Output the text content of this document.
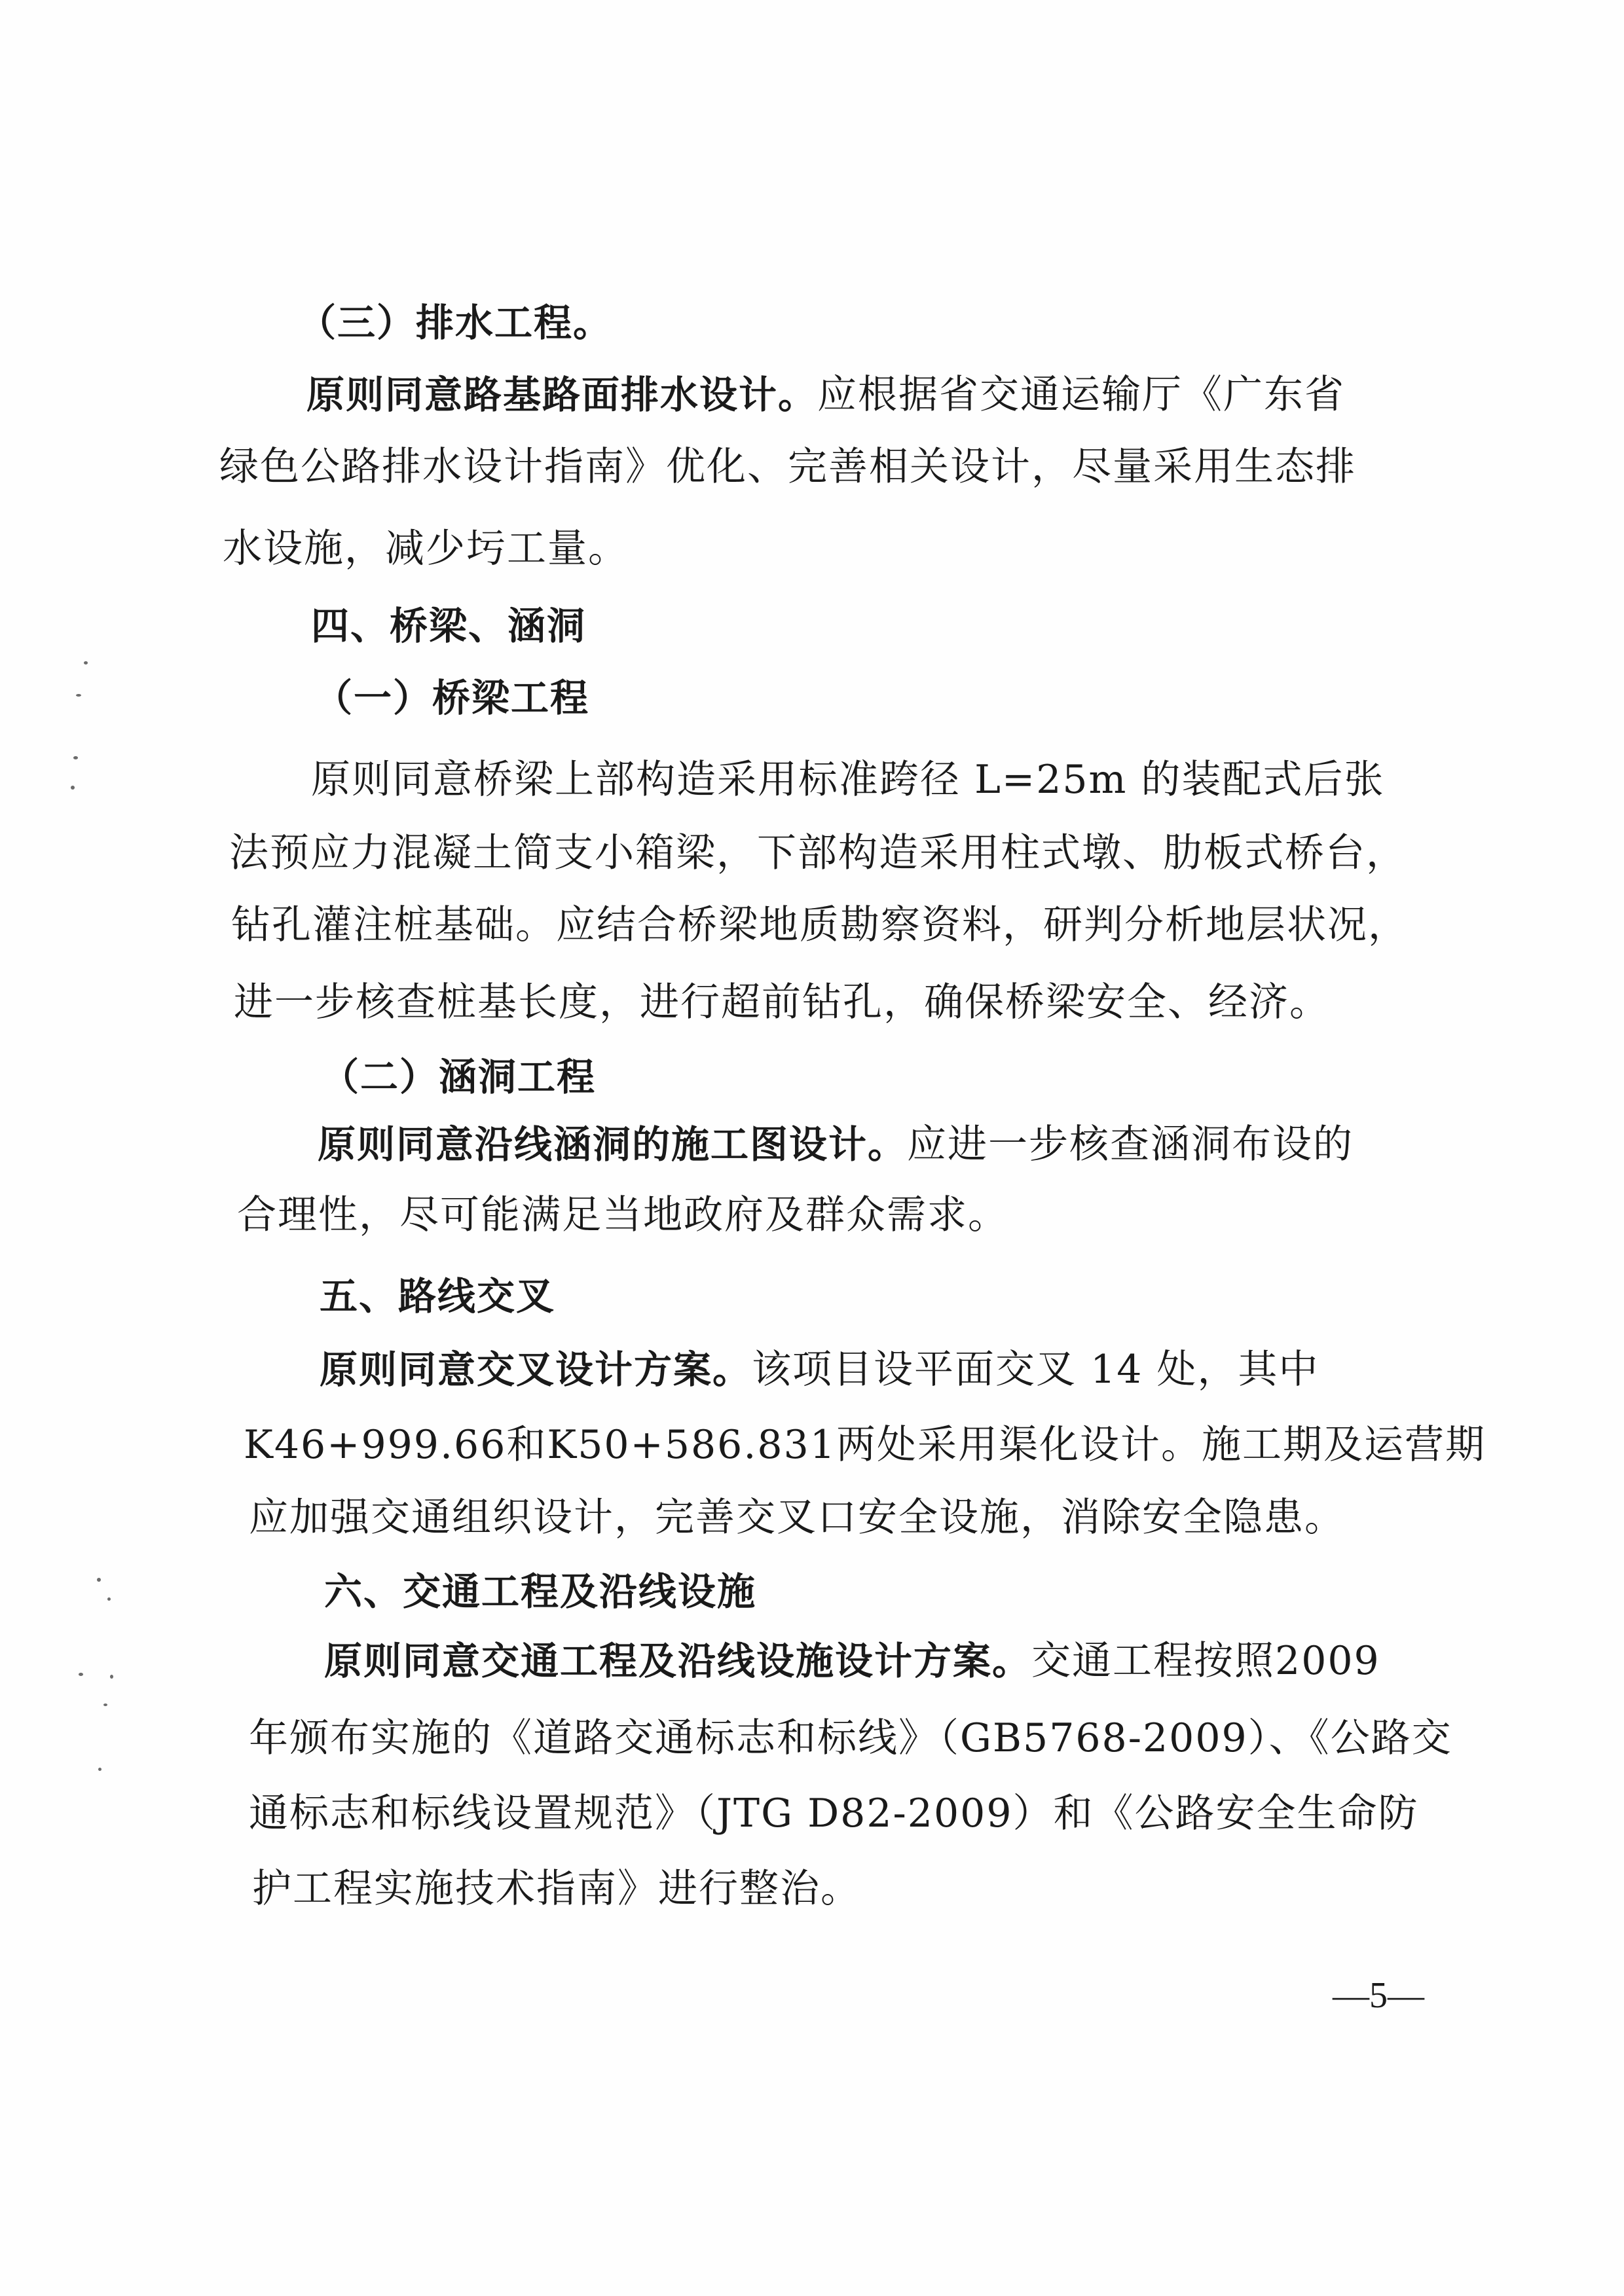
（三）排水工程。
原则同意路基路面排水设计。应根据省交通运输厅《广东省
绿色公路排水设计指南》优化、完善相关设计，尽量采用生态排
水设施，减少圬工量。
四、桥梁、涵洞
（一）桥梁工程
原则同意桥梁上部构造采用标准跨径 L=25m 的装配式后张
法预应力混凝土简支小箱梁，下部构造采用柱式墩、肋板式桥台，
钻孔灌注桩基础。应结合桥梁地质勘察资料，研判分析地层状况，
进一步核查桩基长度，进行超前钻孔，确保桥梁安全、经济。
（二）涵洞工程
原则同意沿线涵洞的施工图设计。应进一步核查涵洞布设的
合理性，尽可能满足当地政府及群众需求。
五、路线交叉
原则同意交叉设计方案。该项目设平面交叉 14 处，其中
K46+999.66和K50+586.831两处采用渠化设计。施工期及运营期
应加强交通组织设计，完善交叉口安全设施，消除安全隐患。
六、交通工程及沿线设施
原则同意交通工程及沿线设施设计方案。交通工程按照2009
年颁布实施的《道路交通标志和标线》（GB5768-2009）、《公路交
通标志和标线设置规范》（JTG D82-2009）和《公路安全生命防
护工程实施技术指南》进行整治。
—5—
